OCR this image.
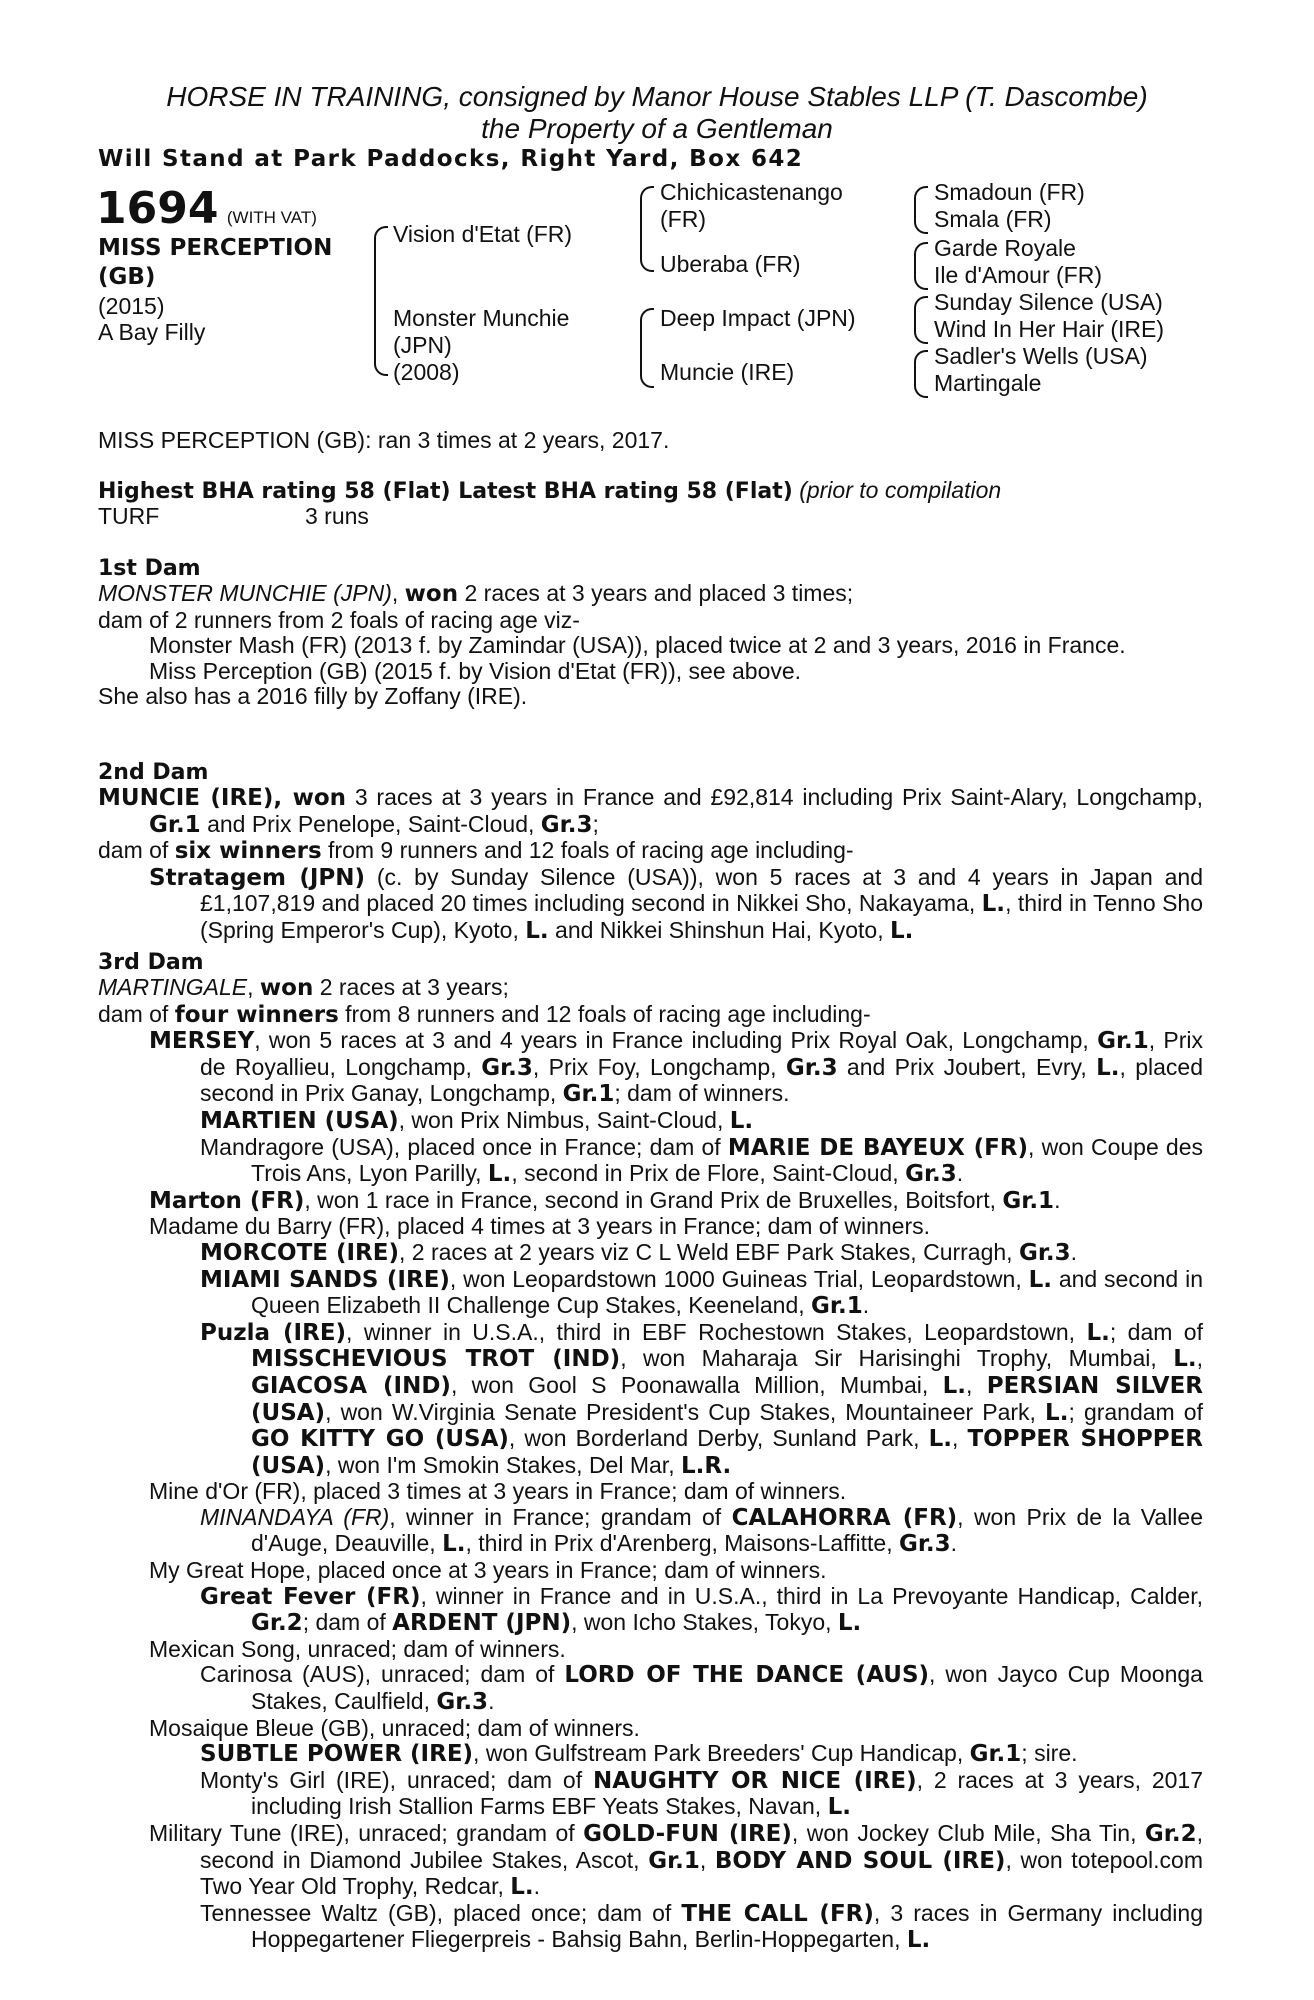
HORSE IN TRAINING, consigned by Manor House Stables LLP (T. Dascombe)
the Property of a Gentleman
Will Stand at Park Paddocks, Right Yard, Box 642
1694 (WITH VAT)
MISS PERCEPTION
(GB)
(2015)
A Bay Filly
Vision d'Etat (FR)
Monster Munchie
(JPN)
(2008)
Chichicastenango
(FR)
Uberaba (FR)
Deep Impact (JPN)
Muncie (IRE)
Smadoun (FR)
Smala (FR)
Garde Royale
Ile d'Amour (FR)
Sunday Silence (USA)
Wind In Her Hair (IRE)
Sadler's Wells (USA)
Martingale
MISS PERCEPTION (GB): ran 3 times at 2 years, 2017.
Highest BHA rating 58 (Flat) Latest BHA rating 58 (Flat) (prior to compilation
TURF	3 runs
1st Dam

MONSTER MUNCHIE (JPN), won 2 races at 3 years and placed 3 times;

dam of 2 runners from 2 foals of racing age viz-

Monster Mash (FR) (2013 f. by Zamindar (USA)), placed twice at 2 and 3 years, 2016 in France.

Miss Perception (GB) (2015 f. by Vision d'Etat (FR)), see above.

She also has a 2016 filly by Zoffany (IRE).

2nd Dam

MUNCIE (IRE), won 3 races at 3 years in France and £92,814 including Prix Saint-Alary, Longchamp, Gr.1 and Prix Penelope, Saint-Cloud, Gr.3;

dam of six winners from 9 runners and 12 foals of racing age including-

Stratagem (JPN) (c. by Sunday Silence (USA)), won 5 races at 3 and 4 years in Japan and £1,107,819 and placed 20 times including second in Nikkei Sho, Nakayama, L., third in Tenno Sho (Spring Emperor's Cup), Kyoto, L. and Nikkei Shinshun Hai, Kyoto, L.

3rd Dam

MARTINGALE, won 2 races at 3 years;

dam of four winners from 8 runners and 12 foals of racing age including-

MERSEY, won 5 races at 3 and 4 years in France including Prix Royal Oak, Longchamp, Gr.1, Prix de Royallieu, Longchamp, Gr.3, Prix Foy, Longchamp, Gr.3 and Prix Joubert, Evry, L., placed second in Prix Ganay, Longchamp, Gr.1; dam of winners.

MARTIEN (USA), won Prix Nimbus, Saint-Cloud, L.

Mandragore (USA), placed once in France; dam of MARIE DE BAYEUX (FR), won Coupe des Trois Ans, Lyon Parilly, L., second in Prix de Flore, Saint-Cloud, Gr.3.

Marton (FR), won 1 race in France, second in Grand Prix de Bruxelles, Boitsfort, Gr.1.

Madame du Barry (FR), placed 4 times at 3 years in France; dam of winners.

MORCOTE (IRE), 2 races at 2 years viz C L Weld EBF Park Stakes, Curragh, Gr.3.

MIAMI SANDS (IRE), won Leopardstown 1000 Guineas Trial, Leopardstown, L. and second in Queen Elizabeth II Challenge Cup Stakes, Keeneland, Gr.1.

Puzla (IRE), winner in U.S.A., third in EBF Rochestown Stakes, Leopardstown, L.; dam of MISSCHEVIOUS TROT (IND), won Maharaja Sir Harisinghi Trophy, Mumbai, L., GIACOSA (IND), won Gool S Poonawalla Million, Mumbai, L., PERSIAN SILVER (USA), won W.Virginia Senate President's Cup Stakes, Mountaineer Park, L.; grandam of GO KITTY GO (USA), won Borderland Derby, Sunland Park, L., TOPPER SHOPPER (USA), won I'm Smokin Stakes, Del Mar, L.R.

Mine d'Or (FR), placed 3 times at 3 years in France; dam of winners.

MINANDAYA (FR), winner in France; grandam of CALAHORRA (FR), won Prix de la Vallee d'Auge, Deauville, L., third in Prix d'Arenberg, Maisons-Laffitte, Gr.3.

My Great Hope, placed once at 3 years in France; dam of winners.

Great Fever (FR), winner in France and in U.S.A., third in La Prevoyante Handicap, Calder, Gr.2; dam of ARDENT (JPN), won Icho Stakes, Tokyo, L.

Mexican Song, unraced; dam of winners.

Carinosa (AUS), unraced; dam of LORD OF THE DANCE (AUS), won Jayco Cup Moonga Stakes, Caulfield, Gr.3.

Mosaique Bleue (GB), unraced; dam of winners.

SUBTLE POWER (IRE), won Gulfstream Park Breeders' Cup Handicap, Gr.1; sire.

Monty's Girl (IRE), unraced; dam of NAUGHTY OR NICE (IRE), 2 races at 3 years, 2017 including Irish Stallion Farms EBF Yeats Stakes, Navan, L.

Military Tune (IRE), unraced; grandam of GOLD-FUN (IRE), won Jockey Club Mile, Sha Tin, Gr.2, second in Diamond Jubilee Stakes, Ascot, Gr.1, BODY AND SOUL (IRE), won totepool.com Two Year Old Trophy, Redcar, L..

Tennessee Waltz (GB), placed once; dam of THE CALL (FR), 3 races in Germany including Hoppegartener Fliegerpreis - Bahsig Bahn, Berlin-Hoppegarten, L.
